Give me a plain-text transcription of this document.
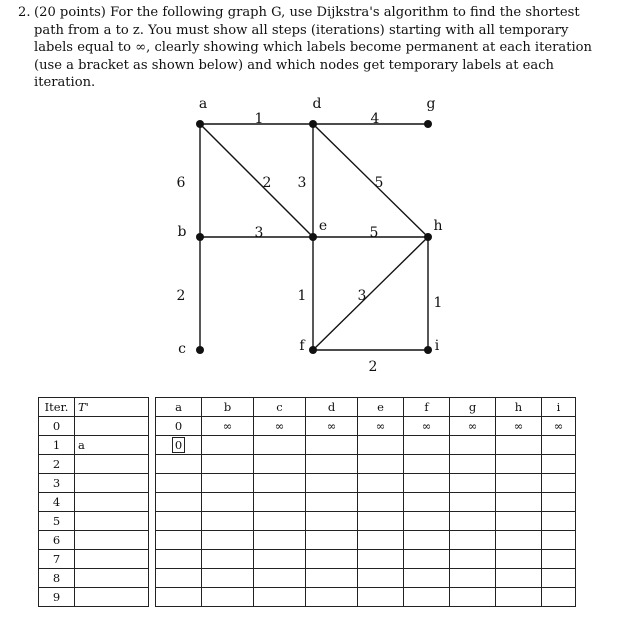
2. (20 points) For the following graph G, use Dijkstra's algorithm to find the shortest
path from a to z. You must show all steps (iterations) starting with all temporary
labels equal to ∞, clearly showing which labels become permanent at each iteration
(use a bracket as shown below) and which nodes get temporary labels at each iteration.
1	4
6	2 3	5
3	5
2	1	3	1
2
a	d	g
b	e	h
c	f	i
Iter.	T'		a	b	c	d	e	f	g	h	i
0			0	∞	∞	∞	∞	∞	∞	∞	∞
1	a		0								
2											
3											
4											
5											
6											
7											
8											
9											
